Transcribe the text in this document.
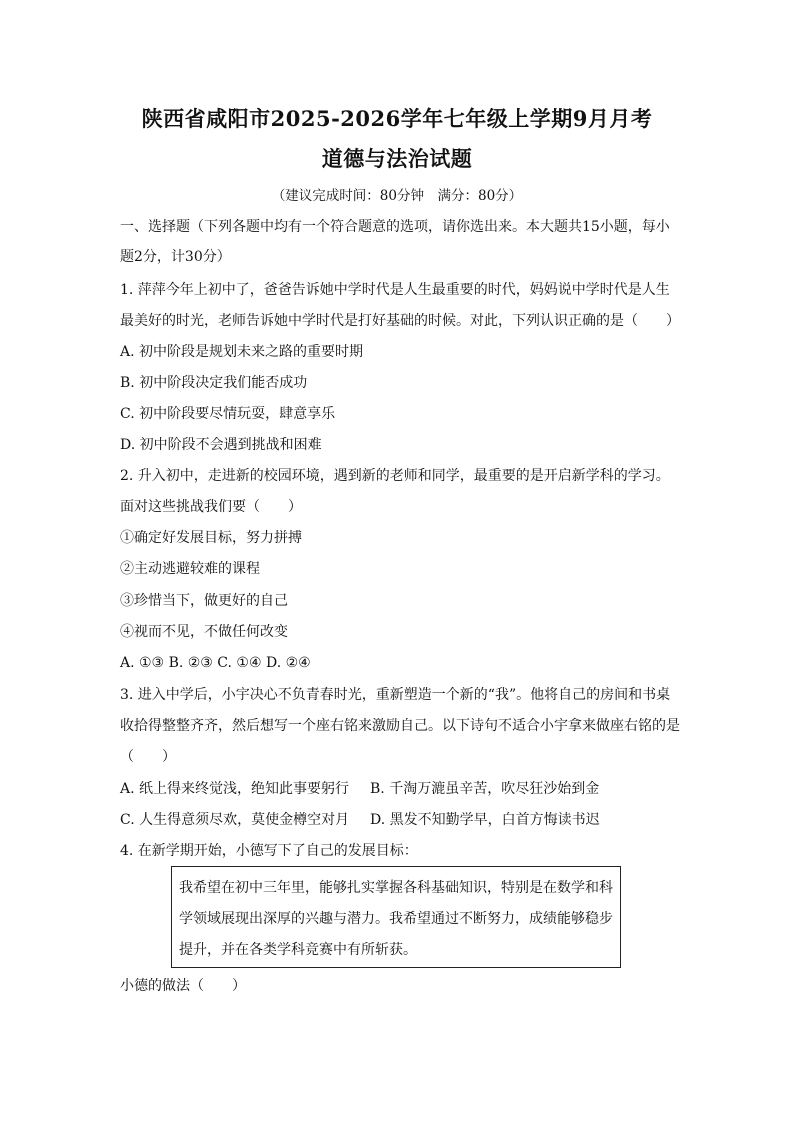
陕西省咸阳市2025-2026学年七年级上学期9月月考
道德与法治试题
（建议完成时间：80分钟　满分：80分）
一、选择题（下列各题中均有一个符合题意的选项，请你选出来。本大题共15小题，每小
题2分，计30分）
1. 萍萍今年上初中了，爸爸告诉她中学时代是人生最重要的时代，妈妈说中学时代是人生
最美好的时光，老师告诉她中学时代是打好基础的时候。对此，下列认识正确的是（　　）
A. 初中阶段是规划未来之路的重要时期
B. 初中阶段决定我们能否成功
C. 初中阶段要尽情玩耍，肆意享乐
D. 初中阶段不会遇到挑战和困难
2. 升入初中，走进新的校园环境，遇到新的老师和同学，最重要的是开启新学科的学习。
面对这些挑战我们要（　　）
①确定好发展目标，努力拼搏
②主动逃避较难的课程
③珍惜当下，做更好的自己
④视而不见，不做任何改变
A. ①③ B. ②③ C. ①④ D. ②④
3. 进入中学后，小宇决心不负青春时光，重新塑造一个新的“我”。他将自己的房间和书桌
收拾得整整齐齐，然后想写一个座右铭来激励自己。以下诗句不适合小宇拿来做座右铭的是
（　　）
A. 纸上得来终觉浅，绝知此事要躬行 B. 千淘万漉虽辛苦，吹尽狂沙始到金
C. 人生得意须尽欢，莫使金樽空对月 D. 黑发不知勤学早，白首方悔读书迟
4. 在新学期开始，小德写下了自己的发展目标：
我希望在初中三年里，能够扎实掌握各科基础知识，特别是在数学和科
学领域展现出深厚的兴趣与潜力。我希望通过不断努力，成绩能够稳步
提升，并在各类学科竞赛中有所斩获。
小德的做法（　　）
